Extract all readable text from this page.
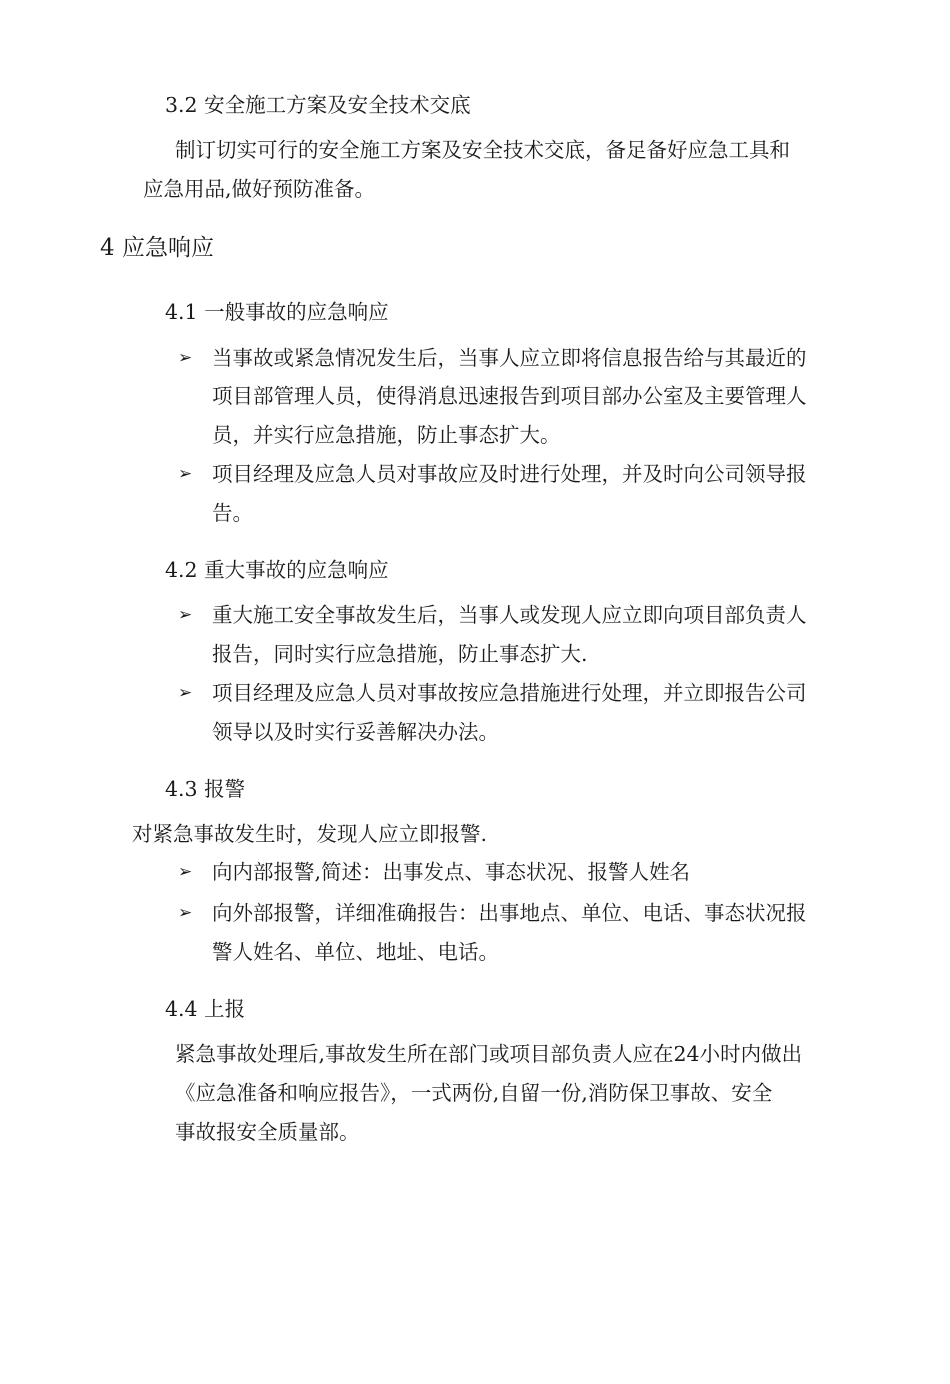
3.2 安全施工方案及安全技术交底
制订切实可行的安全施工方案及安全技术交底，备足备好应急工具和
应急用品,做好预防准备。
4 应急响应
4.1 一般事故的应急响应
➢ 当事故或紧急情况发生后，当事人应立即将信息报告给与其最近的
项目部管理人员，使得消息迅速报告到项目部办公室及主要管理人
员，并实行应急措施，防止事态扩大。
➢ 项目经理及应急人员对事故应及时进行处理，并及时向公司领导报
告。
4.2 重大事故的应急响应
➢ 重大施工安全事故发生后，当事人或发现人应立即向项目部负责人
报告，同时实行应急措施，防止事态扩大.
➢ 项目经理及应急人员对事故按应急措施进行处理，并立即报告公司
领导以及时实行妥善解决办法。
4.3 报警
对紧急事故发生时，发现人应立即报警.
➢ 向内部报警,简述：出事发点、事态状况、报警人姓名
➢ 向外部报警，详细准确报告：出事地点、单位、电话、事态状况报
警人姓名、单位、地址、电话。
4.4 上报
紧急事故处理后,事故发生所在部门或项目部负责人应在24小时内做出
《应急准备和响应报告》，一式两份,自留一份,消防保卫事故、安全
事故报安全质量部。
